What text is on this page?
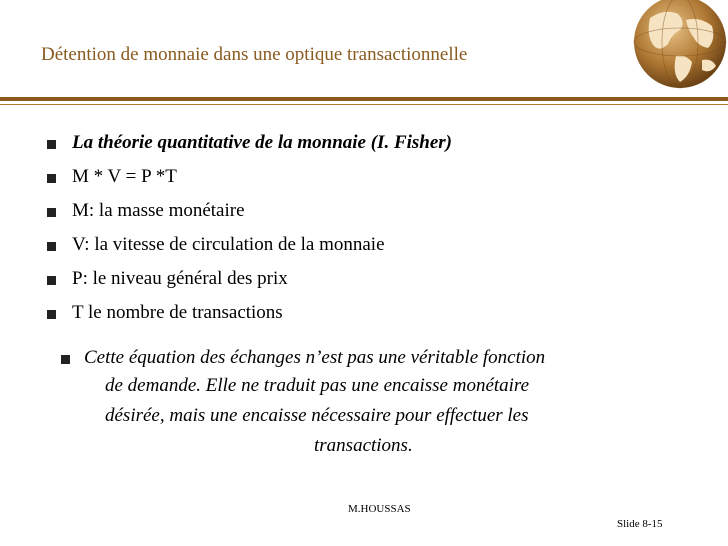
Détention de monnaie dans une optique transactionnelle
La théorie quantitative de la monnaie (I. Fisher)
M * V = P *T
M: la masse monétaire
V: la vitesse de circulation de la monnaie
P: le niveau général des prix
T le nombre de transactions
Cette équation des échanges n’est pas une véritable fonction
de demande. Elle ne traduit pas une encaisse monétaire
désirée, mais une encaisse nécessaire pour effectuer les
transactions.
M.HOUSSAS
Slide 8-15
